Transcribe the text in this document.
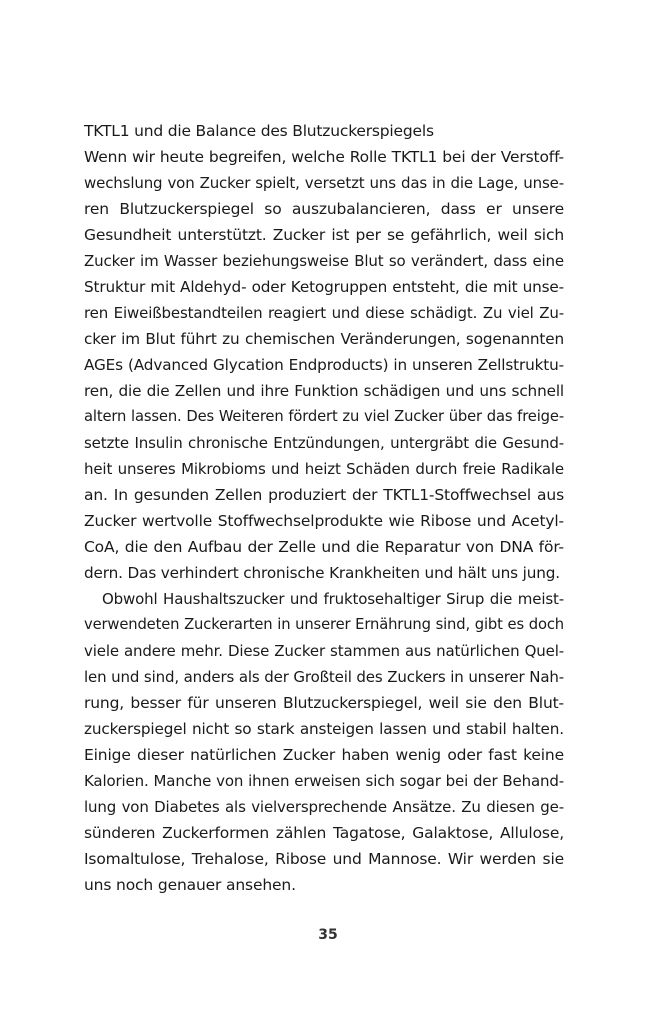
TKTL1 und die Balance des Blutzuckerspiegels
Wenn wir heute begreifen, welche Rolle TKTL1 bei der Verstoff-
wechslung von Zucker spielt, versetzt uns das in die Lage, unse-
ren Blutzuckerspiegel so auszubalancieren, dass er unsere
Gesundheit unterstützt. Zucker ist per se gefährlich, weil sich
Zucker im Wasser beziehungsweise Blut so verändert, dass eine
Struktur mit Aldehyd- oder Ketogruppen entsteht, die mit unse-
ren Eiweißbestandteilen reagiert und diese schädigt. Zu viel Zu-
cker im Blut führt zu chemischen Veränderungen, sogenannten
AGEs (Advanced Glycation Endproducts) in unseren Zellstruktu-
ren, die die Zellen und ihre Funktion schädigen und uns schnell
altern lassen. Des Weiteren fördert zu viel Zucker über das freige-
setzte Insulin chronische Entzündungen, untergräbt die Gesund-
heit unseres Mikrobioms und heizt Schäden durch freie Radikale
an. In gesunden Zellen produziert der TKTL1-Stoffwechsel aus
Zucker wertvolle Stoffwechselprodukte wie Ribose und Acetyl-
CoA, die den Aufbau der Zelle und die Reparatur von DNA för-
dern. Das verhindert chronische Krankheiten und hält uns jung.
Obwohl Haushaltszucker und fruktosehaltiger Sirup die meist-
verwendeten Zuckerarten in unserer Ernährung sind, gibt es doch
viele andere mehr. Diese Zucker stammen aus natürlichen Quel-
len und sind, anders als der Großteil des Zuckers in unserer Nah-
rung, besser für unseren Blutzuckerspiegel, weil sie den Blut-
zuckerspiegel nicht so stark ansteigen lassen und stabil halten.
Einige dieser natürlichen Zucker haben wenig oder fast keine
Kalorien. Manche von ihnen erweisen sich sogar bei der Behand-
lung von Diabetes als vielversprechende Ansätze. Zu diesen ge-
sünderen Zuckerformen zählen Tagatose, Galaktose, Allulose,
Isomaltulose, Trehalose, Ribose und Mannose. Wir werden sie
uns noch genauer ansehen.
35
